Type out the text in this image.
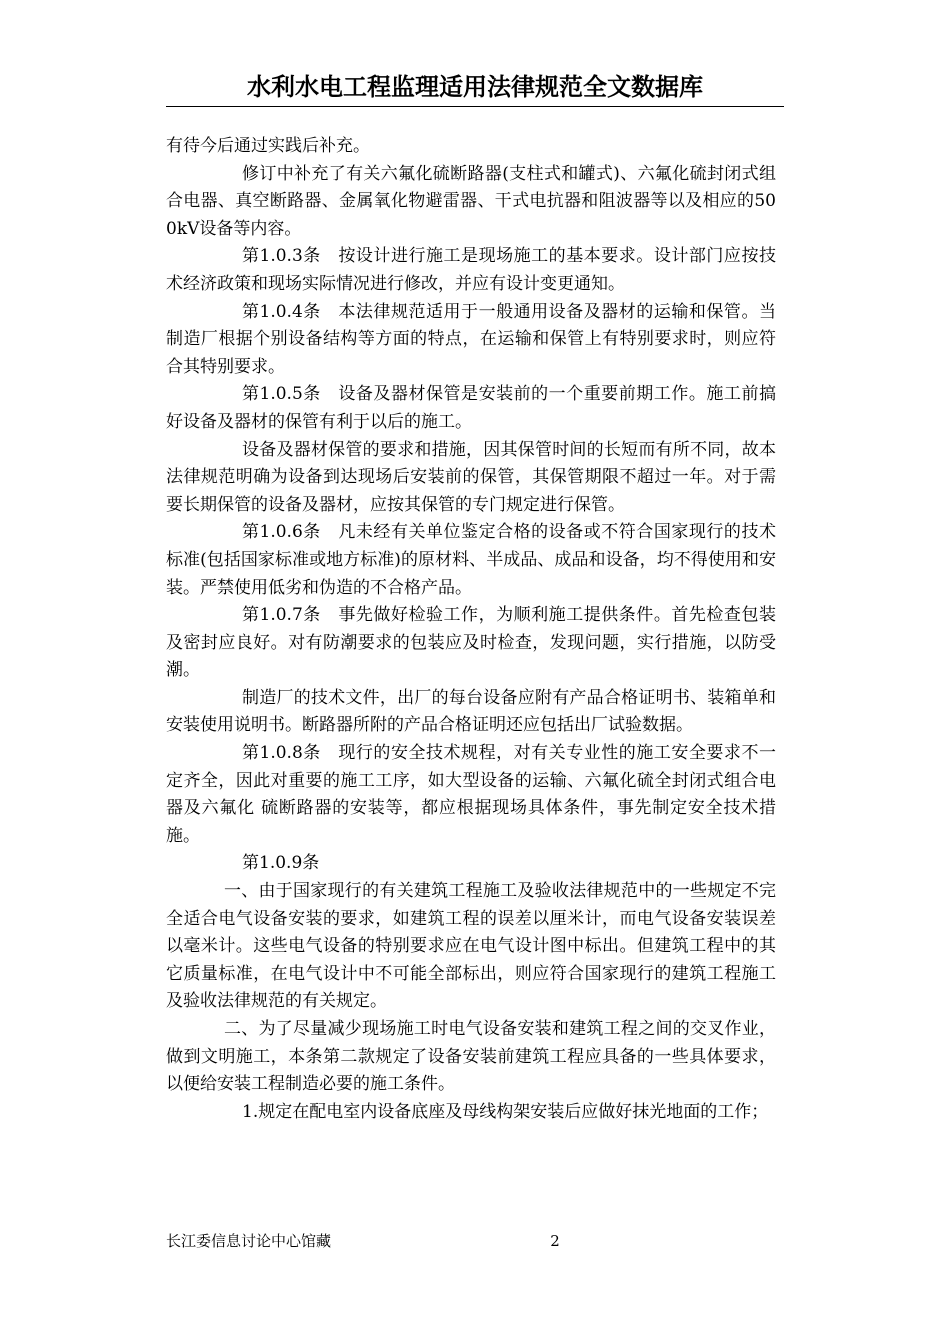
水利水电工程监理适用法律规范全文数据库

有待今后通过实践后补充。

修订中补充了有关六氟化硫断路器(支柱式和罐式)、六氟化硫封闭式组合电器、真空断路器、金属氧化物避雷器、干式电抗器和阻波器等以及相应的500kV设备等内容。

第1.0.3条　按设计进行施工是现场施工的基本要求。设计部门应按技术经济政策和现场实际情况进行修改，并应有设计变更通知。

第1.0.4条　本法律规范适用于一般通用设备及器材的运输和保管。当制造厂根据个别设备结构等方面的特点，在运输和保管上有特别要求时，则应符合其特别要求。

第1.0.5条　设备及器材保管是安装前的一个重要前期工作。施工前搞好设备及器材的保管有利于以后的施工。

设备及器材保管的要求和措施，因其保管时间的长短而有所不同，故本法律规范明确为设备到达现场后安装前的保管，其保管期限不超过一年。对于需要长期保管的设备及器材，应按其保管的专门规定进行保管。

第1.0.6条　凡未经有关单位鉴定合格的设备或不符合国家现行的技术标准(包括国家标准或地方标准)的原材料、半成品、成品和设备，均不得使用和安装。严禁使用低劣和伪造的不合格产品。

第1.0.7条　事先做好检验工作，为顺利施工提供条件。首先检查包装及密封应良好。对有防潮要求的包装应及时检查，发现问题，实行措施，以防受潮。

制造厂的技术文件，出厂的每台设备应附有产品合格证明书、装箱单和安装使用说明书。断路器所附的产品合格证明还应包括出厂试验数据。

第1.0.8条　现行的安全技术规程，对有关专业性的施工安全要求不一定齐全，因此对重要的施工工序，如大型设备的运输、六氟化硫全封闭式组合电器及六氟化 硫断路器的安装等，都应根据现场具体条件，事先制定安全技术措施。

第1.0.9条

一、由于国家现行的有关建筑工程施工及验收法律规范中的一些规定不完全适合电气设备安装的要求，如建筑工程的误差以厘米计，而电气设备安装误差以毫米计。这些电气设备的特别要求应在电气设计图中标出。但建筑工程中的其它质量标准，在电气设计中不可能全部标出，则应符合国家现行的建筑工程施工及验收法律规范的有关规定。

二、为了尽量减少现场施工时电气设备安装和建筑工程之间的交叉作业，做到文明施工，本条第二款规定了设备安装前建筑工程应具备的一些具体要求，以便给安装工程制造必要的施工条件。

1.规定在配电室内设备底座及母线构架安装后应做好抹光地面的工作；

长江委信息讨论中心馆藏	2
